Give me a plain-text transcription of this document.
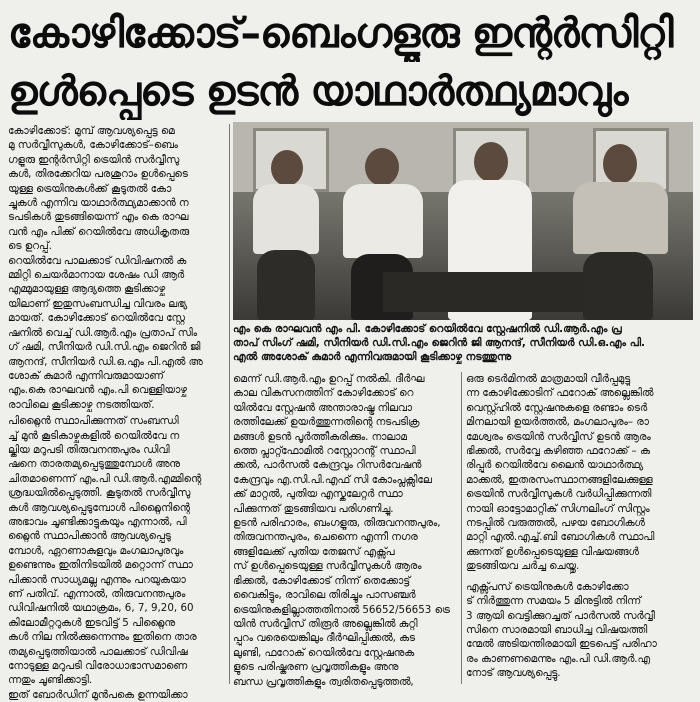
കോഴിക്കോട്–ബെംഗളൂരു ഇന്റർസിറ്റി
ഉൾപ്പെടെ ഉടൻ യാഥാർത്ഥ്യമാവും
എം കെ രാഘവൻ എം പി. കോഴിക്കോട് റെയിൽവേ സ്റ്റേഷനിൽ ഡി.ആർ.എം പ്ര
താപ് സിംഗ് ഷമി, സീനിയർ ഡി.സി.എം ജെറിൻ ജി ആനന്ദ്, സീനിയർ ഡി.ഒ.എം പി.
എൽ അശോക് കുമാർ എന്നിവരുമായി കൂടിക്കാഴ്ച നടത്തുന്നു
കോഴിക്കോട്: മുമ്പ് ആവശ്യപ്പെട്ട മെ
മു സർവ്വീസുകൾ, കോഴിക്കോട്–ബെം
ഗളൂരു ഇന്റർസിറ്റി ട്രെയിൻ സർവ്വീസു
കൾ, തിരക്കേറിയ പരശുറാം ഉൾപ്പെടെ
യുള്ള ട്രെയിനുകൾക്ക് കൂടുതൽ കോ
ച്ചുകൾ എന്നിവ യാഥാർത്ഥ്യമാക്കാൻ ന
ടപടികൾ തുടങ്ങിയെന്ന് എം കെ രാഘ
വൻ എം പിക്ക് റെയിൽവേ അധികൃതരു
ടെ ഉറപ്പ്.
റെയിൽവേ പാലക്കാട് ഡിവിഷനൽ ക
മ്മിറ്റി ചെയർമാനായ ശേഷം ഡി ആർ
എമ്മുമായുള്ള ആദ്യത്തെ കൂടിക്കാഴ്ച
യിലാണ് ഇതുസംബന്ധിച്ച വിവരം ലഭ്യ
മായത്. കോഴിക്കോട് റെയിൽവേ സ്റ്റേ
ഷനിൽ വെച്ച് ഡി.ആർ.എം പ്രതാപ് സിം
ഗ് ഷമി, സീനിയർ ഡി.സി.എം ജെറിൻ ജി
ആനന്ദ്, സീനിയർ ഡി.ഒ.എം പി.എൽ അ
ശോക് കുമാർ എന്നിവരുമായാണ്
എം.കെ രാഘവൻ എം.പി വെള്ളിയാഴ്ച
രാവിലെ കൂടിക്കാഴ്ച നടത്തിയത്.
പിറ്റ്ലൈൻ സ്ഥാപിക്കുന്നത് സംബന്ധി
ച്ച് മുൻ കൂടികാഴ്ചകളിൽ റെയിൽവേ ന
ല്കിയ മറുപടി തിരുവനന്തപുരം ഡിവി
ഷനെ താരതമ്യപ്പെടുത്തുമ്പോൾ അനു
ചിതമാണെന്ന് എം.പി ഡി.ആർ.എമ്മിന്റെ
ശ്രദ്ധയിൽപ്പെടുത്തി. കൂടുതൽ സർവ്വീസു
കൾ ആവശ്യപ്പെടുമ്പോൾ പിറ്റ്ലൈനിന്റെ
അഭാവം ചൂണ്ടിക്കാട്ടുകയും എന്നാൽ, പി
റ്റ്ലൈൻ സ്ഥാപിക്കാൻ ആവശ്യപ്പെടു
മ്പോൾ, ഏറണാകുളവും മംഗലാപുരവും
ഉണ്ടെന്നും ഇതിനിടയിൽ മറ്റൊന്ന് സ്ഥാ
പിക്കാൻ സാധ്യമല്ല എന്നും പറയുകയാ
ണ് പതിവ്. എന്നാൽ, തിരുവനന്തപുരം
ഡിവിഷനിൽ യഥാക്രമം, 6, 7, 9,20, 60
കിലോമീറ്ററുകൾ ഇടവിട്ട് 5 പിറ്റ്ലൈനു
കൾ നില നിൽക്കുന്നെന്നും ഇതിനെ താര
തമ്യപ്പെടുത്തിയാൽ പാലക്കാട് ഡിവിഷ
നോടുള്ള മറുപടി വിരോധാഭാസമാണെ
ന്നതും ചൂണ്ടിക്കാട്ടി.
ഇത് ബോർഡിന് മുൻപകെ ഉന്നയിക്കാ
മെന്ന് ഡി.ആർ.എം ഉറപ്പ് നൽകി. ദീർഘ
കാല വികസനത്തിന് കോഴിക്കോട് റെ
യിൽവേ സ്റ്റേഷൻ അന്താരാഷ്ട്ര നിലവാ
രത്തിലേക്ക് ഉയർത്തുന്നതിന്റെ നടപടിക്ര
മങ്ങൾ ഉടൻ പൂർത്തീകരിക്കും. നാലാമ
ത്തെ പ്ലാറ്റ്ഫോമിൽ റസ്റ്റോറന്റ് സ്ഥാപി
ക്കൽ, പാർസൽ കേന്ദ്രവും റിസർവേഷൻ
കേന്ദ്രവും എ.സി.പി.എഫ് സി കോംപ്ലക്സിലേ
ക്ക് മാറ്റൽ, പുതിയ എസ്കലേറ്റർ സ്ഥാ
പിക്കുന്നത് തുടങ്ങിയവ പരിഗണിച്ചു.
ഉടൻ പരിഹാരം, ബംഗളൂരു, തിരുവനന്തപുരം,
തിരുവനന്തപുരം, ചെന്നൈ എന്നീ നഗര
ങ്ങളിലേക്ക് പുതിയ തേജസ് എക്സ്പ്ര
സ് ഉൾപ്പെടെയുള്ള സർവ്വീസുകൾ ആരം
ഭിക്കൽ, കോഴിക്കോട് നിന്ന് തെക്കോട്ട്
വൈകിട്ടും, രാവിലെ തിരിച്ചും പാസഞ്ചർ
ട്രെയിനുകളില്ലാത്തതിനാൽ 56652/56653 ട്രെ
യിൻ സർവ്വീസ് തിരൂർ അല്ലെങ്കിൽ കുറ്റി
പ്പുറം വരെയെങ്കിലും ദീർഘിപ്പിക്കൽ, കട
ലുണ്ടി, ഫറോക് റെയിൽവേ സ്റ്റേഷനുക
ളുടെ പരിഷ്കരണ പ്രവൃത്തികളും അനു
ബന്ധ പ്രവൃത്തികളും ത്വരിതപ്പെടുത്തൽ,
ഒരു ടെർമിനൽ മാത്രമായി വീർപ്പുമുട്ടു
ന്ന കോഴിക്കോടിന് ഫറോക് അല്ലെങ്കിൽ
വെസ്റ്റ്ഹിൽ സ്റ്റേഷനുകളെ രണ്ടാം ടെർ
മിനലായി ഉയർത്തൽ, മംഗലാപുരം– രാ
മേശ്വരം ട്രെയിൻ സർവ്വീസ് ഉടൻ ആരം
ഭിക്കൽ, സർവ്വേ കഴിഞ്ഞ ഫറോക്ക് – ക
രിപ്പൂർ റെയിൽവേ ലൈൻ യാഥാർത്ഥ്യ
മാക്കൽ, ഇതരസംസ്ഥാനങ്ങളിലേക്കുള്ള
ട്രെയിൻ സർവ്വീസുകൾ വർധിപ്പിക്കുന്നതി
നായി ഓട്ടോമാറ്റിക് സിഗ്നലിംഗ് സിസ്റ്റം
നടപ്പിൽ വരുത്തൽ, പഴയ ബോഗികൾ
മാറ്റി എൽ.എച്ച്.ബി ബോഗികൾ സ്ഥാപി
ക്കുന്നത് ഉൾപ്പെടെയുള്ള വിഷയങ്ങൾ
തുടങ്ങിയവ ചർച്ച ചെയ്തു.
എക്സ്പ്രസ് ട്രെയിനുകൾ കോഴിക്കോ
ട് നിർത്തുന്ന സമയം 5 മിനുട്ടിൽ നിന്ന്
3 ആയി വെട്ടിക്കുറച്ചത് പാർസൽ സർവ്വീ
സിനെ സാരമായി ബാധിച്ച വിഷയത്തി
ന്മേൽ അടിയന്തിരമായി ഇടപെട്ട് പരിഹാ
രം കാണണമെന്നും എം.പി ഡി.ആർ.എ
നോട് ആവശ്യപ്പെട്ടു.
